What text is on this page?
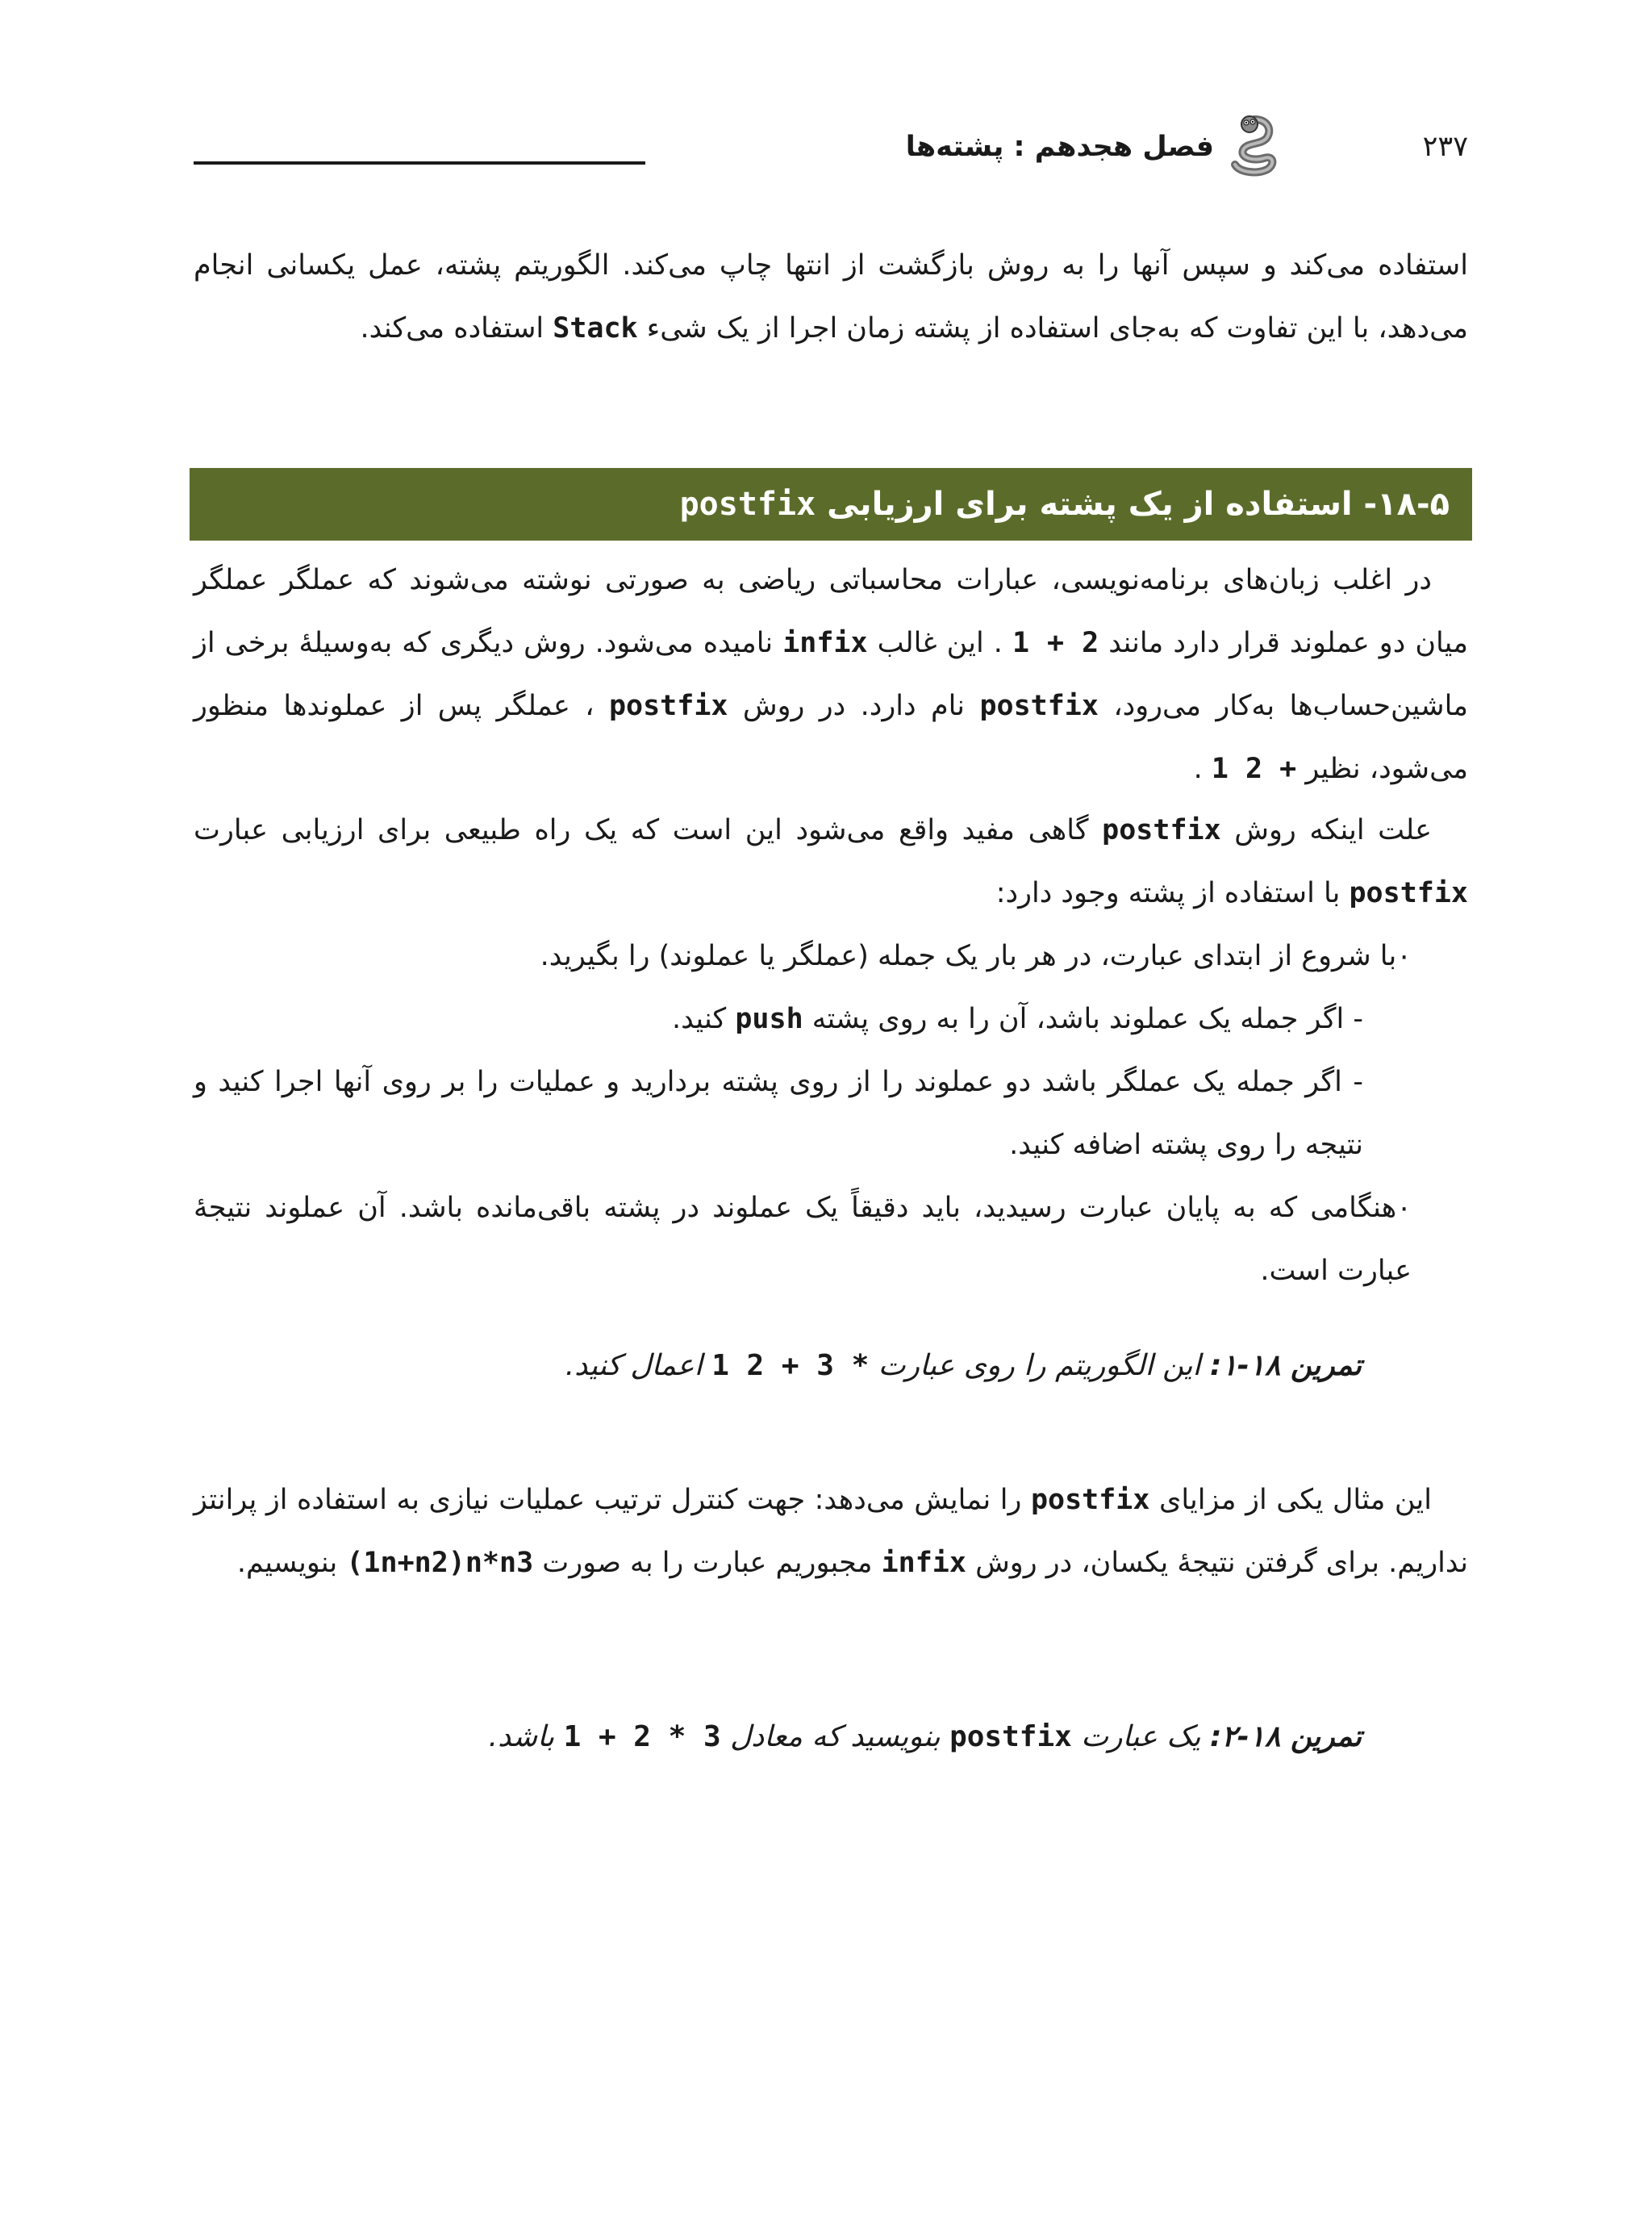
فصل هجدهم : پشته‌ها	۲۳۷

استفاده می‌کند و سپس آنها را به روش بازگشت از انتها چاپ می‌کند. الگوریتم پشته، عمل یکسانی انجام می‌دهد، با این تفاوت که به‌جای استفاده از پشته زمان اجرا از یک شیء Stack استفاده می‌کند.

۱۸-۵- استفاده از یک پشته برای ارزیابی postfix

در اغلب زبان‌های برنامه‌نویسی، عبارات محاسباتی ریاضی به صورتی نوشته می‌شوند که عملگر عملگر میان دو عملوند قرار دارد مانند 1 + 2 . این غالب infix نامیده می‌شود. روش دیگری که به‌وسیلهٔ برخی از ماشین‌حساب‌ها به‌کار می‌رود، postfix نام دارد. در روش postfix ، عملگر پس از عملوندها منظور می‌شود، نظیر 1 2 + .

علت اینکه روش postfix گاهی مفید واقع می‌شود این است که یک راه طبیعی برای ارزیابی عبارت postfix با استفاده از پشته وجود دارد:

۰با شروع از ابتدای عبارت، در هر بار یک جمله (عملگر یا عملوند) را بگیرید.

- اگر جمله یک عملوند باشد، آن را به روی پشته push کنید.

- اگر جمله یک عملگر باشد دو عملوند را از روی پشته بردارید و عملیات را بر روی آنها اجرا کنید و نتیجه را روی پشته اضافه کنید.

۰هنگامی که به پایان عبارت رسیدید، باید دقیقاً یک عملوند در پشته باقی‌مانده باشد. آن عملوند نتیجهٔ عبارت است.

تمرین ۱۸-۱: این الگوریتم را روی عبارت 1 2 + 3 * اعمال کنید.

این مثال یکی از مزایای postfix را نمایش می‌دهد: جهت کنترل ترتیب عملیات نیازی به استفاده از پرانتز نداریم. برای گرفتن نتیجهٔ یکسان، در روش infix مجبوریم عبارت را به صورت (1n+n2)n*n3 بنویسیم.

تمرین ۱۸-۲: یک عبارت postfix بنویسید که معادل 1 + 2 * 3 باشد.
